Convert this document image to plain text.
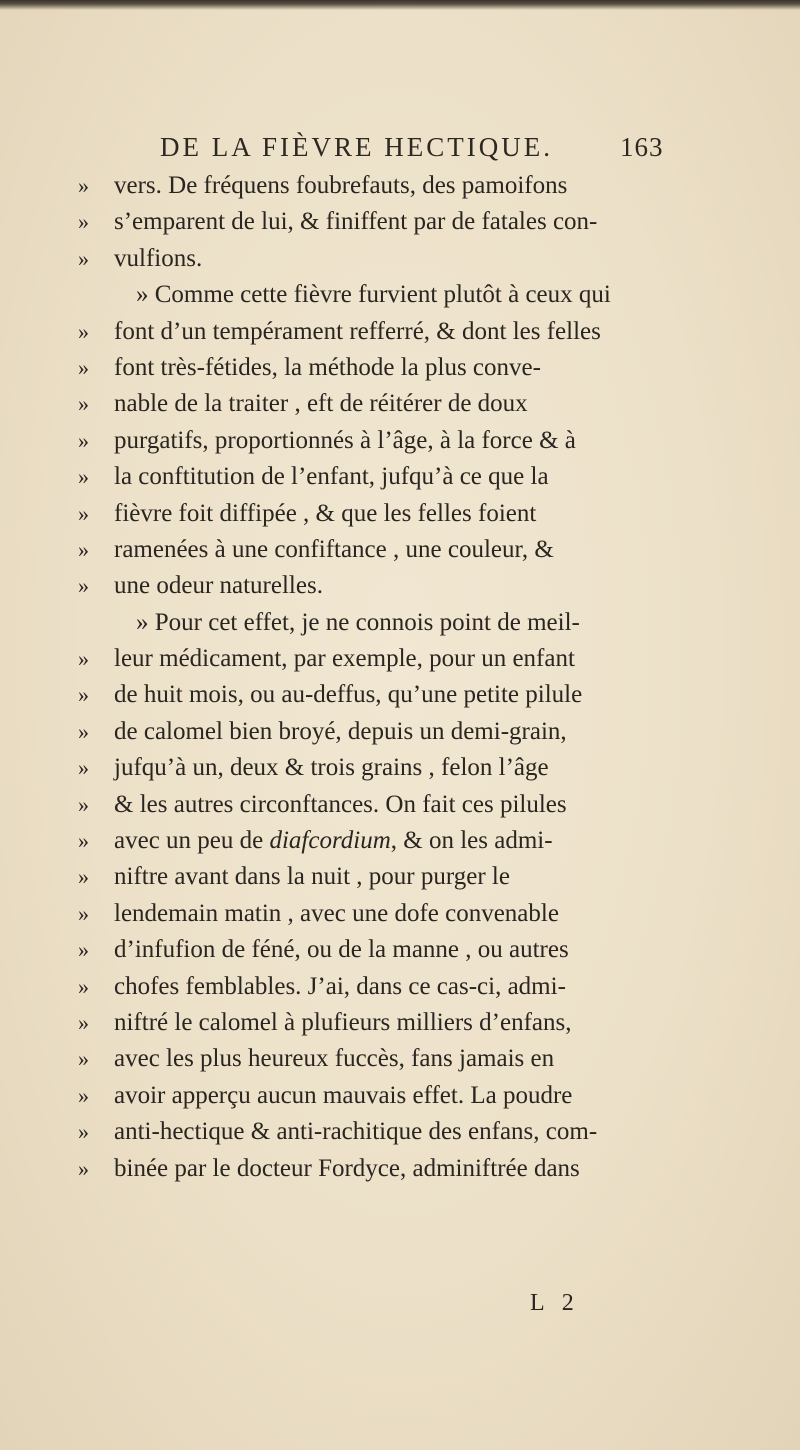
DE LA FIÈVRE HECTIQUE. 163
»	vers. De fréquens foubrefauts, des pamoifons
»	s’emparent de lui, & finiffent par de fatales con-
»	vulfions.
» Comme cette fièvre furvient plutôt à ceux qui
»	font d’un tempérament refferré, & dont les felles
»	font très-fétides, la méthode la plus conve-
»	nable de la traiter , eft de réitérer de doux
»	purgatifs, proportionnés à l’âge, à la force & à
»	la conftitution de l’enfant, jufqu’à ce que la
»	fièvre foit diffipée , & que les felles foient
»	ramenées à une confiftance , une couleur, &
»	une odeur naturelles.
» Pour cet effet, je ne connois point de meil-
»	leur médicament, par exemple, pour un enfant
»	de huit mois, ou au-deffus, qu’une petite pilule
»	de calomel bien broyé, depuis un demi-grain,
»	jufqu’à un, deux & trois grains , felon l’âge
»	& les autres circonftances. On fait ces pilules
»	avec un peu de diafcordium, & on les admi-
»	niftre avant dans la nuit , pour purger le
»	lendemain matin , avec une dofe convenable
»	d’infufion de féné, ou de la manne , ou autres
»	chofes femblables. J’ai, dans ce cas-ci, admi-
»	niftré le calomel à plufieurs milliers d’enfans,
»	avec les plus heureux fuccès, fans jamais en
»	avoir apperçu aucun mauvais effet. La poudre
»	anti-hectique & anti-rachitique des enfans, com-
»	binée par le docteur Fordyce, adminiftrée dans
L 2
